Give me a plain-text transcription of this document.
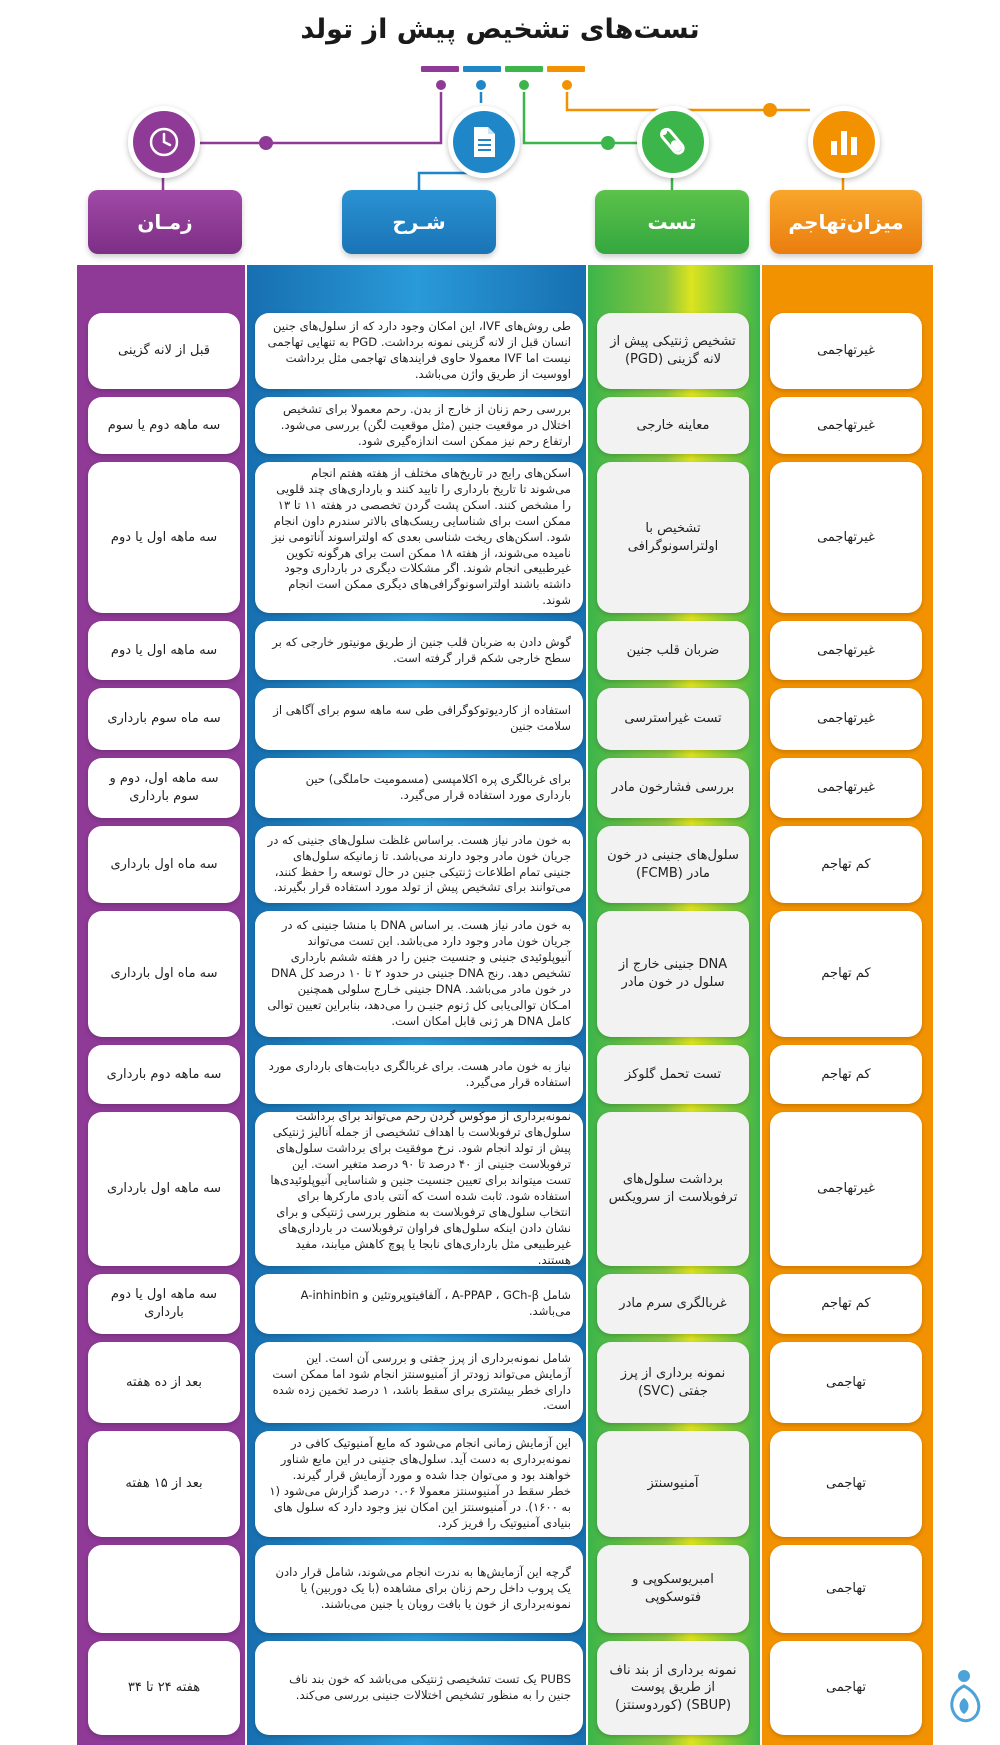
تست‌های تشخیص پیش از تولد
میزان‌تهاجم
تست
شـرح
زمـان
غیرتهاجمی
تشخیص ژنتیکی پیش از لانه گزینی (PGD)
طی روش‌های IVF، این امکان وجود دارد که از سلول‌های جنین انسان قبل از لانه گزینی نمونه برداشت. PGD به تنهایی تهاجمی نیست اما IVF معمولا حاوی فرایندهای تهاجمی مثل برداشت اووسیت از طریق واژن می‌باشد.
قبل از لانه گزینی
غیرتهاجمی
معاینه خارجی
بررسی رحم زنان از خارج از بدن. رحم معمولا برای تشخیص اختلال در موقعیت جنین (مثل موقعیت لگن) بررسی می‌شود. ارتفاع رحم نیز ممکن است اندازه‌گیری شود.
سه ماهه دوم یا سوم
غیرتهاجمی
تشخیص با اولتراسونوگرافی
اسکن‌های رایج در تاریخ‌های مختلف از هفته هفتم انجام می‌شوند تا تاریخ بارداری را تایید کنند و بارداری‌های چند قلویی را مشخص کنند. اسکن پشت گردن تخصصی در هفته ۱۱ تا ۱۳ ممکن است برای شناسایی ریسک‌های بالاتر سندرم داون انجام شود. اسکن‌های ریخت شناسی بعدی که اولتراسوند آناتومی نیز نامیده می‌شوند، از هفته ۱۸ ممکن است برای هرگونه تکوین غیرطبیعی انجام شوند. اگر مشکلات دیگری در بارداری وجود داشته باشند اولتراسونوگرافی‌های دیگری ممکن است انجام شوند.
سه ماهه اول یا دوم
غیرتهاجمی
ضربان قلب جنین
گوش دادن به ضربان قلب جنین از طریق مونیتور خارجی که بر سطح خارجی شکم قرار گرفته است.
سه ماهه اول یا دوم
غیرتهاجمی
تست غیراسترسی
استفاده از کاردیوتوکوگرافی طی سه ماهه سوم برای آگاهی از سلامت جنین
سه ماه سوم بارداری
غیرتهاجمی
بررسی فشارخون مادر
برای غربالگری پره اکلامپسی (مسمومیت حاملگی) حین بارداری مورد استفاده قرار می‌گیرد.
سه ماهه اول، دوم و سوم بارداری
کم تهاجم
سلول‌های جنینی در خون مادر (FCMB)
به خون مادر نیاز هست. براساس غلظت سلول‌های جنینی که در جریان خون مادر وجود دارند می‌باشد. تا زمانیکه سلول‌های جنینی تمام اطلاعات ژنتیکی جنین در حال توسعه را حفظ کنند، می‌توانند برای تشخیص پیش از تولد مورد استفاده قرار بگیرند.
سه ماه اول بارداری
کم تهاجم
DNA جنینی خارج از سلول در خون مادر
به خون مادر نیاز هست. بر اساس DNA با منشا جنینی که در جریان خون مادر وجود دارد می‌باشد. این تست می‌تواند آنیوپلوئیدی جنینی و جنسیت جنین را در هفته ششم بارداری تشخیص دهد. رنج DNA جنینی در حدود ۲ تا ۱۰ درصد کل DNA در خون مادر می‌باشد. DNA جنینی خـارج سلولی همچنین امـکان توالی‌یابی کل ژنوم جنیـن را می‌دهد، بنابراین تعیین توالی کامل DNA هر ژنی قابل امکان است.
سه ماه اول بارداری
کم تهاجم
تست تحمل گلوکز
نیاز به خون مادر هست. برای غربالگری دیابت‌های بارداری مورد استفاده قرار می‌گیرد.
سه ماهه دوم بارداری
غیرتهاجمی
برداشت سلول‌های ترفوبلاست از سرویکس
نمونه‌برداری از موکوس گردن رحم می‌تواند برای برداشت سلول‌های ترفوبلاست با اهداف تشخیصی از جمله آنالیز ژنتیکی پیش از تولد انجام شود. نرخ موفقیت برای برداشت سلول‌های ترفوبلاست جنینی از ۴۰ درصد تا ۹۰ درصد متغیر است. این تست میتواند برای تعیین جنسیت جنین و شناسایی آنیوپلوئیدی‌ها استفاده شود. ثابت شده است که آنتی بادی مارکرها برای انتخاب سلول‌های ترفوبلاست به منظور بررسی ژنتیکی و برای نشان دادن اینکه سلول‌های فراوان ترفوبلاست در بارداری‌های غیرطبیعی مثل بارداری‌های نابجا یا پوچ کاهش میابند، مفید هستند.
سه ماهه اول بارداری
کم تهاجم
غربالگری سرم مادر
شامل A-PPAP ، GCh-β ، آلفافیتوپروتئین و A-inhinbin می‌باشد.
سه ماهه اول یا دوم بارداری
تهاجمی
نمونه برداری از پرز جفتی (SVC)
شامل نمونه‌برداری از پرز جفتی و بررسی آن است. این آزمایش می‌تواند زودتر از آمنیوسنتز انجام شود اما ممکن است دارای خطر بیشتری برای سقط باشد، ۱ درصد تخمین زده شده است.
بعد از ده هفته
تهاجمی
آمنیوسنتز
این آزمایش زمانی انجام می‌شود که مایع آمنیوتیک کافی در نمونه‌برداری به دست آید. سلول‌های جنینی در این مایع شناور خواهند بود و می‌توان جدا شده و مورد آزمایش قرار گیرند. خطر سقط در آمنیوسنتز معمولا ۰.۰۶ درصد گزارش می‌شود (۱ به ۱۶۰۰). در آمنیوسنتز این امکان نیز وجود دارد که سلول های بنیادی آمنیوتیک را فریز کرد.
بعد از ۱۵ هفته
تهاجمی
امبریوسکوپی و فتوسکوپی
گرچه این آزمایش‌ها به ندرت انجام می‌شوند، شامل قرار دادن یک پروب داخل رحم زنان برای مشاهده (با یک دوربین) یا نمونه‌برداری از خون یا بافت رویان یا جنین می‌باشند.
تهاجمی
نمونه برداری از بند ناف از طریق پوست (SBUP) (کوردوسنتز)
PUBS یک تست تشخیصی ژنتیکی می‌باشد که خون بند ناف جنین را به منظور تشخیص اختلالات جنینی بررسی می‌کند.
هفته ۲۴ تا ۳۴
